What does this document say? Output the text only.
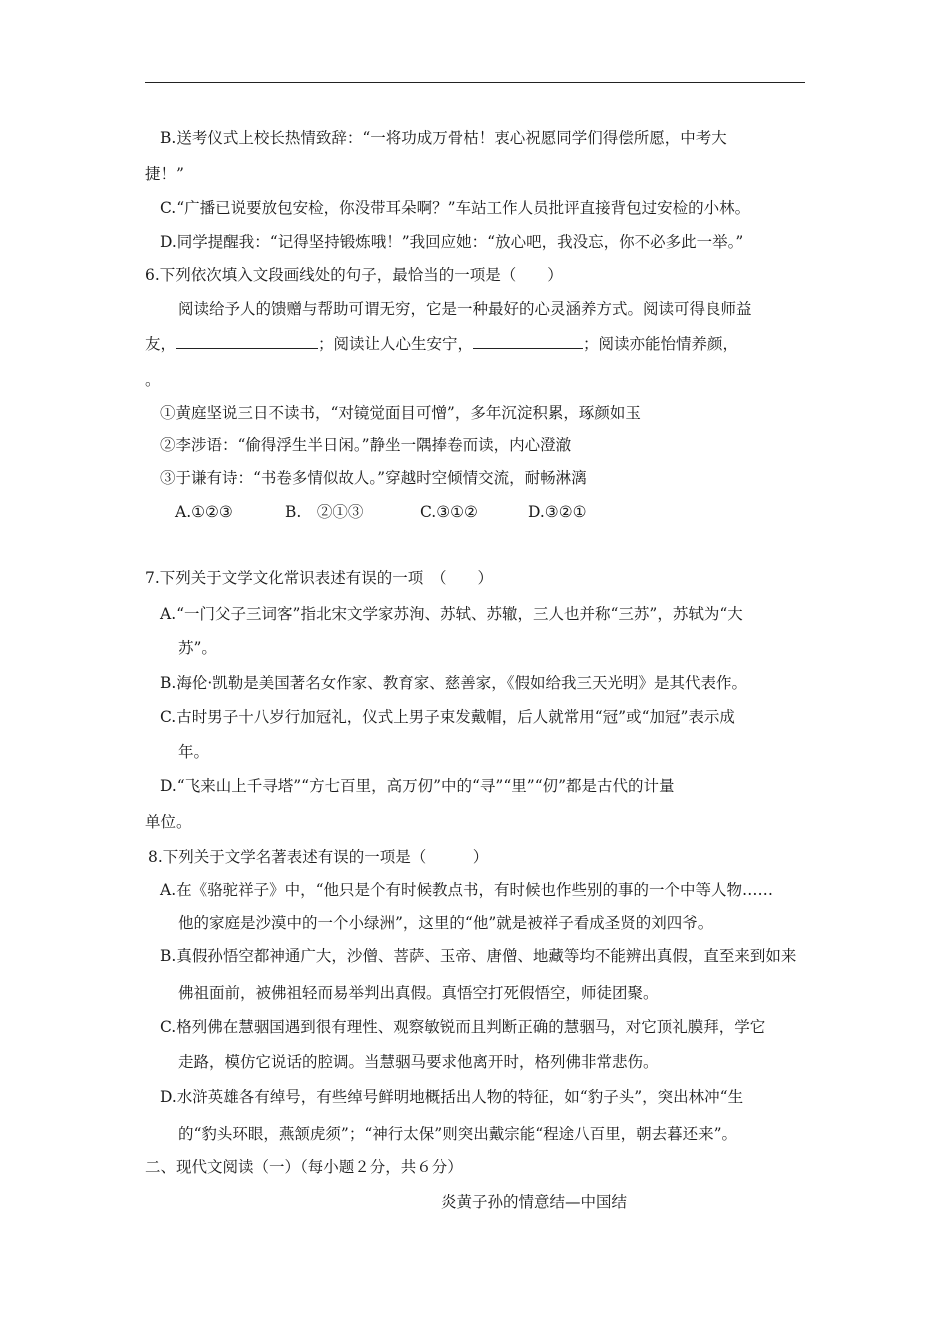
B.送考仪式上校长热情致辞：“一将功成万骨枯！衷心祝愿同学们得偿所愿，中考大
捷！”
C.“广播已说要放包安检，你没带耳朵啊？”车站工作人员批评直接背包过安检的小林。
D.同学提醒我：“记得坚持锻炼哦！”我回应她：“放心吧，我没忘，你不必多此一举。”
6.下列依次填入文段画线处的句子，最恰当的一项是（　　）
阅读给予人的馈赠与帮助可谓无穷，它是一种最好的心灵涵养方式。阅读可得良师益
友，	；阅读让人心生安宁，	；阅读亦能怡情养颜，
。
①黄庭坚说三日不读书，“对镜觉面目可憎”，多年沉淀积累，琢颜如玉
②李涉语：“偷得浮生半日闲。”静坐一隅捧卷而读，内心澄澈
③于谦有诗：“书卷多情似故人。”穿越时空倾情交流，耐畅淋漓
A.①②③	B.　②①③	C.③①②	D.③②①
7.下列关于文学文化常识表述有误的一项　（　　）
A.“一门父子三词客”指北宋文学家苏洵、苏轼、苏辙，三人也并称“三苏”，苏轼为“大
苏”。
B.海伦·凯勒是美国著名女作家、教育家、慈善家，《假如给我三天光明》是其代表作。
C.古时男子十八岁行加冠礼，仪式上男子束发戴帽，后人就常用“冠”或“加冠”表示成
年。
D.“飞来山上千寻塔”“方七百里，高万仞”中的“寻”“里”“仞”都是古代的计量
单位。
8.下列关于文学名著表述有误的一项是（　　　）
A.在《骆驼祥子》中，“他只是个有时候教点书，有时候也作些别的事的一个中等人物……
他的家庭是沙漠中的一个小绿洲”，这里的“他”就是被祥子看成圣贤的刘四爷。
B.真假孙悟空都神通广大，沙僧、菩萨、玉帝、唐僧、地藏等均不能辨出真假，直至来到如来
佛祖面前，被佛祖轻而易举判出真假。真悟空打死假悟空，师徒团聚。
C.格列佛在慧骃国遇到很有理性、观察敏锐而且判断正确的慧骃马，对它顶礼膜拜，学它
走路，模仿它说话的腔调。当慧骃马要求他离开时，格列佛非常悲伤。
D.水浒英雄各有绰号，有些绰号鲜明地概括出人物的特征，如“豹子头”，突出林冲“生
的“豹头环眼，燕颔虎须”；“神行太保”则突出戴宗能“程途八百里，朝去暮还来”。
二、现代文阅读（一）（每小题２分，共６分）
炎黄子孙的情意结—中国结
